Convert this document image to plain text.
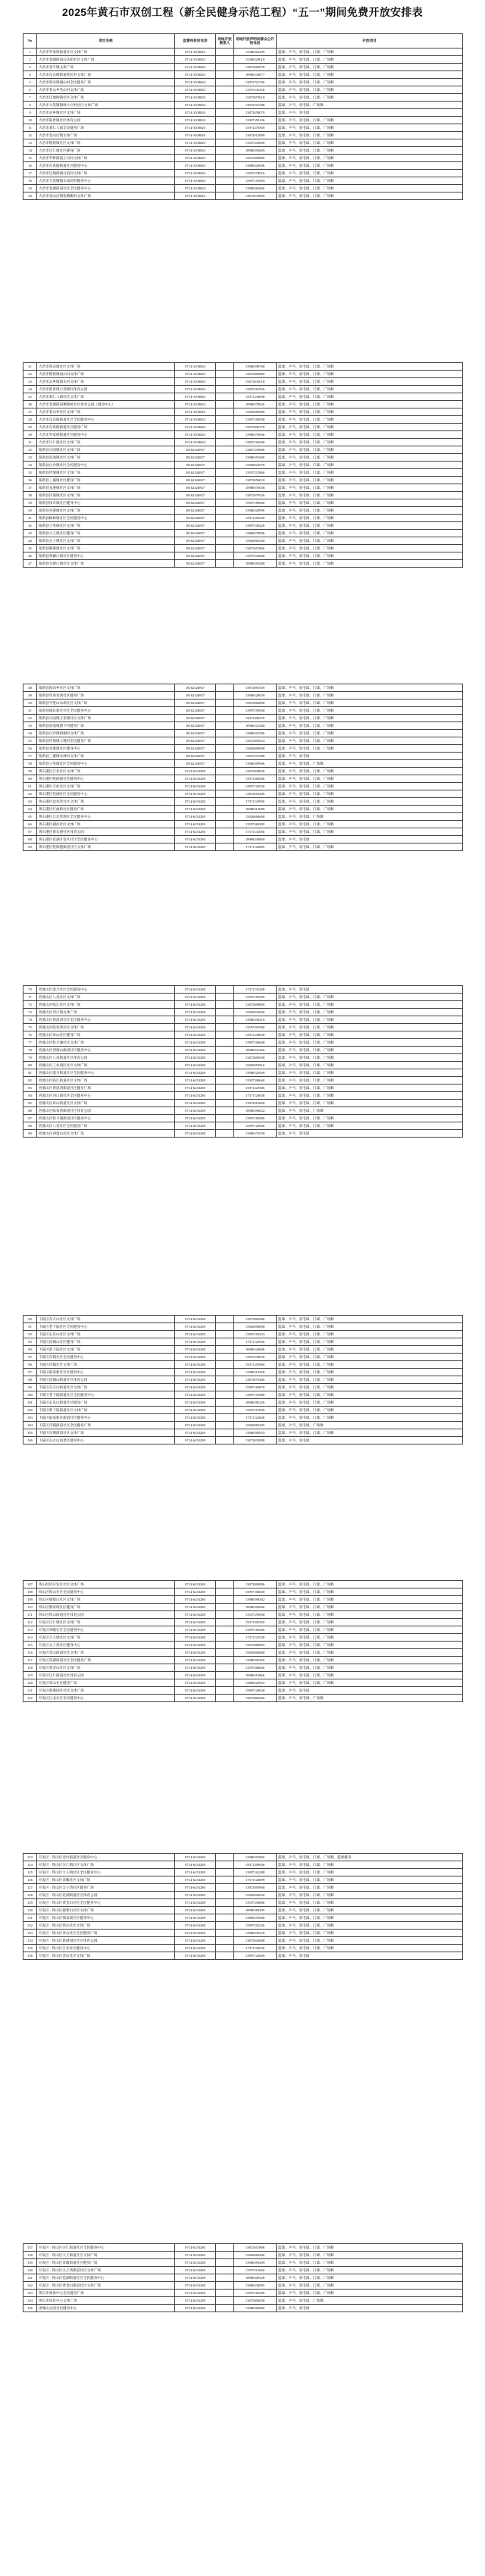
2025年黄石市双创工程（新全民健身示范工程）“五一”期间免费开放安排表
No	项目名称	监督和投诉电话	场地开放联系人	场地开放声明向群众公开的电话	开放项目
1	大冶市罗家桥街道社区文体广场	0714-3108020		15386502299	篮球、乒乓、羽毛球、门球、广场舞
2	大冶市金湖街道石头咀社区文体广场	0714-3108020		15386529018	篮球、乒乓、羽毛球、门球、广场舞
3	大冶市金牛镇文体广场	0714-3108020		13872669078	篮球、乒乓、羽毛球、门球、广场舞
4	大冶市东岳路街道新民村文体广场	0714-3108020		18986530077	篮球、乒乓、羽毛球、门球、广场舞
5	大冶市保安镇湖山村全民健身广场	0714-3108020		13872701706	篮球、乒乓、羽毛球、门球、广场舞
6	大冶市茗山乡茗山村文体广场	0714-3108020		13597232358	篮球、乒乓、羽毛球、门球、广场舞
7	大冶市还地桥镇社区文体广场	0714-3108020		15872079018	篮球、乒乓、羽毛球、门球、广场舞
8	大冶市大箕铺镇柯大兴村社区文体广场	0714-3108020		13872701388	篮球、乒乓、羽毛球、广场舞
9	大冶市灵乡镇社区文体广场	0714-3108020		13872058079	篮球、乒乓、羽毛球
10	大冶市陈贵镇社区体育公园	0714-3108020		13997258136	篮球、乒乓、羽毛球、门球、广场舞
11	大冶市刘仁八镇全民健身广场	0714-3108020		15971278569	篮球、乒乓、羽毛球、门球、广场舞
12	大冶市金山店镇文体广场	0714-3108020		13872013889	篮球、乒乓、羽毛球、门球、广场舞
13	大冶市殷祖镇社区文体广场	0714-3108020		13597245690	篮球、乒乓、羽毛球、门球、广场舞
14	大冶市汪仁镇社区健身广场	0714-3108020		18986595669	篮球、乒乓、羽毛球、门球、广场舞
15	大冶市罗桥街道上冯村文体广场	0714-3108020		15872009880	篮球、乒乓、羽毛球、门球、广场舞
16	大冶市东风路街道社区健身中心	0714-3108020		13886529006	篮球、乒乓、羽毛球、门球、广场舞
17	大冶市还地桥镇白浪村文体广场	0714-3108020		13597278016	篮球、乒乓、羽毛球、门球、广场舞
18	大冶市大箕铺镇水南湾村健身中心	0714-3108020		15997155003	篮球、乒乓、羽毛球、门球、广场舞
19	大冶市金湖街道社区全民健身中心	0714-3108020		13886565606	篮球、乒乓、羽毛球、门球、广场舞
20	大冶市金山店镇张敬畈村文体广场	0714-3108020		13872078069	篮球、乒乓、羽毛球、门球、广场舞
21	大冶市保安镇社区文体广场	0714-3108020		13986598768	篮球、乒乓、羽毛球、门球、广场舞
22	大冶市殷祖镇南山村文体广场	0714-3108020		13872065889	篮球、乒乓、羽毛球、门球、广场舞
23	大冶市灵乡镇坳头村文体广场	0714-3108020		15872032018	篮球、乒乓、羽毛球、门球、广场舞
24	大冶市陈贵镇小箕铺村体育公园	0714-3108020		13997261856	篮球、乒乓、羽毛球、门球、广场舞
25	大冶市刘仁八镇社区文体广场	0714-3108020		15071236698	篮球、乒乓、羽毛球、门球、广场舞
26	大冶市金湖街道栖儒桥社区体育公园（健身中心）	0714-3108020		18986578026	篮球、乒乓、羽毛球、门球、广场舞
27	大冶市茗山乡社区文体广场	0714-3108020		15826989968	篮球、乒乓、羽毛球、门球、广场舞
28	大冶市东岳路街道社区全民健身中心	0714-3108020		13997108598	篮球、乒乓、羽毛球、门球、广场舞
29	大冶市东风路街道社区健身广场	0714-3108020		15872006778	篮球、乒乓、羽毛球、门球、广场舞
30	大冶市罗家桥街道社区健身中心	0714-3108020		13986576066	篮球、乒乓、羽毛球、门球、广场舞
31	大冶市汪仁镇社区文体广场	0714-3108020		13997163098	篮球、乒乓、羽毛球、门球、广场舞
32	阳新县兴国镇社区文体广场	18162326837		13807235880	篮球、乒乓、羽毛球、门球、广场舞
33	阳新县富池镇社区文体广场	18162326837		13986551680	篮球、乒乓、羽毛球、门球、广场舞
34	阳新县白沙镇社区全民健身中心	18162326837		15826923078	篮球、乒乓、羽毛球、门球、广场舞
35	阳新县浮屠镇社区文体广场	18162326837		13597211866	篮球、乒乓、羽毛球、门球、广场舞
36	阳新县三溪镇社区健身广场	18162326837		13872056018	篮球、乒乓、羽毛球、门球、广场舞
37	阳新县龙港镇社区文体广场	18162326837		18986576038	篮球、乒乓、羽毛球、门球、广场舞
38	阳新县洋港镇社区文体广场	18162326837		13872079526	篮球、乒乓、羽毛球、门球、广场舞
39	阳新县排市镇社区健身中心	18162326837		15997189660	篮球、乒乓、羽毛球、门球、广场舞
40	阳新县木港镇社区文体广场	18162326837		13986528990	篮球、乒乓、羽毛球、门球、广场舞
41	阳新县枫林镇社区全民健身中心	18162326837		15971265028	篮球、乒乓、羽毛球、门球、广场舞
42	阳新县王英镇社区文体广场	18162326837		13997108226	篮球、乒乓、羽毛球、门球、广场舞
43	阳新县大王镇社区健身广场	18162326837		13886578006	篮球、乒乓、羽毛球、门球、广场舞
44	阳新县太子镇社区文体广场	18162326837		15826960328	篮球、乒乓、羽毛球、门球、广场舞
45	阳新县陶港镇社区文体广场	18162326837		13872051866	篮球、乒乓、羽毛球、门球、广场舞
46	阳新县黄颡口镇社区健身中心	18162326837		13597236608	篮球、乒乓、羽毛球、门球、广场舞
47	阳新县韦源口镇社区文体广场	18162326837		18986550288	篮球、乒乓、羽毛球、门球、广场舞
48	阳新县荻田乡社区文体广场	18162326837		13872081569	篮球、乒乓、羽毛球、门球、广场舞
49	阳新县军垦农场社区健身广场	18162326837		13986528039	篮球、乒乓、羽毛球、门球、广场舞
50	阳新县半壁山农场社区文体广场	18162326837		15872066898	篮球、乒乓、羽毛球、门球、广场舞
51	阳新县城东新区社区全民健身中心	18162326837		13997190568	篮球、乒乓、羽毛球、门球、广场舞
52	阳新县兴国镇五里湖社区文体广场	18162326837		15071206578	篮球、乒乓、羽毛球、门球、广场舞
53	阳新县富池镇港下村健身广场	18162326837		18986523368	篮球、乒乓、羽毛球、门球、广场舞
54	阳新县白沙镇梧桐村文体广场	18162326837		13886525296	篮球、乒乓、羽毛球、门球、广场舞
55	阳新县浮屠镇玉堍村全民健身广场	18162326837		13872095033	篮球、乒乓、羽毛球、门球、广场舞
56	阳新县龙港镇社区健身中心	18162326837		15826900698	篮球、乒乓、羽毛球、门球、广场舞
57	阳新县三溪镇木林村文体广场	18162326837		13597270388	篮球、乒乓、羽毛球
58	阳新县王英镇社区全民健身中心	18162326837		13986509966	篮球、乒乓、羽毛球、广场舞
59	黄石港区江北社区文体广场	0714-6233280		13872038658	篮球、乒乓、羽毛球、门球、广场舞
60	黄石港区胜阳港社区健身中心	0714-6233280		15971206566	篮球、乒乓、羽毛球、门球、广场舞
61	黄石港区天虹社区文体广场	0714-6233280		13997128530	篮球、乒乓、羽毛球、门球、广场舞
62	黄石港区花湖社区全民健身中心	0714-6233280		13872052206	篮球、乒乓、羽毛球、门球、广场舞
63	黄石港区沈家营社区文体广场	0714-6233280		17371129990	篮球、乒乓、羽毛球、门球、广场舞
64	黄石港区红旗桥社区健身广场	0714-6233280		18986512089	篮球、乒乓、羽毛球、门球、广场舞
65	黄石港区江北管理区全民健身中心	0714-6233280		15826968600	篮球、乒乓、羽毛球、广场舞
66	黄石港区湖滨社区文体广场	0714-6233280		13597260299	篮球、乒乓、羽毛球、门球、广场舞
67	黄石港区黄石港社区体育公园	0714-6233280		17371132066	篮球、乒乓、羽毛球、门球、广场舞
68	黄石港区花湖开发区社区全民健身中心	0714-6233280		18986538868	篮球、乒乓、羽毛球
69	黄石港区胜阳港街道社区文体广场	0714-6233280		17371120885	篮球、乒乓、羽毛球、门球、广场舞
70	西塞山区澄月社区全民健身中心	0714-6233280		17371133288	篮球、乒乓、羽毛球
71	西塞山区八泉社区文体广场	0714-6233280		15997185090	篮球、乒乓、羽毛球、门球、广场舞
72	西塞山区临江社区文体广场	0714-6233280		13872098869	篮球、乒乓、羽毛球、门球、广场舞
73	西塞山区河口镇文体广场	0714-6233280		15826922060	篮球、乒乓、羽毛球、门球、广场舞
74	西塞山区黄思湾社区全民健身中心	0714-6233280		13986538218	篮球、乒乓、羽毛球、门球、广场舞
75	西塞山区陈家湾社区文体广场	0714-6233280		13597205580	篮球、乒乓、羽毛球、门球、广场舞
76	西塞山区章山社区健身广场	0714-6233280		15071236028	篮球、乒乓、羽毛球、门球、广场舞
77	西塞山区牧羊湖社区文体广场	0714-6233280		13997106688	篮球、乒乓、羽毛球、门球、广场舞
78	西塞山区西塞山街道社区健身中心	0714-6233280		18986532266	篮球、乒乓、羽毛球、门球、广场舞
79	西塞山区八泉街道社区体育公园	0714-6233280		13872069038	篮球、乒乓、羽毛球、门球、广场舞
80	西塞山区工业园区社区文体广场	0714-6233280		15826955816	篮球、乒乓、羽毛球、门球、广场舞
81	西塞山区澄月街道社区全民健身中心	0714-6233280		13986525009	篮球、乒乓、羽毛球、门球、广场舞
82	西塞山区临江街道社区文体广场	0714-6233280		13597290668	篮球、乒乓、羽毛球、门球、广场舞
83	西塞山区黄思湾街道社区健身广场	0714-6233280		15071229386	篮球、乒乓、羽毛球、门球、广场舞
84	西塞山区河口镇社区全民健身中心	0714-6233280		17371128058	篮球、乒乓、羽毛球、门球、广场舞
85	西塞山区章山街道社区文体广场	0714-6233280		13872016828	篮球、乒乓、羽毛球、门球、广场舞
86	西塞山区陈家湾街道社区体育公园	0714-6233280		18986596022	篮球、乒乓、羽毛球、广场舞
87	西塞山区牧羊湖街道社区健身中心	0714-6233280		13997182689	篮球、乒乓、羽毛球、门球、广场舞
88	西塞山区八泉社区全民健身广场	0714-6233280		15997120066	篮球、乒乓、羽毛球、门球、广场舞
89	西塞山区西塞山社区文体广场	0714-6233280		13986570338	篮球、乒乓、羽毛球
90	下陆区东方山社区文体广场	0714-6233280		13872062886	篮球、乒乓、羽毛球、门球、广场舞
91	下陆区老下陆社区全民健身中心	0714-6233280		15826958008	篮球、乒乓、羽毛球、门球、广场舞
92	下陆区长乐山社区文体广场	0714-6233280		13997106233	篮球、乒乓、羽毛球、门球、广场舞
93	下陆区团城山社区健身广场	0714-6233280		17371120566	篮球、乒乓、羽毛球、门球、广场舞
94	下陆区新下陆社区文体广场	0714-6233280		18986526806	篮球、乒乓、羽毛球、门球、广场舞
95	下陆区东钢社区全民健身中心	0714-6233280		13597238930	篮球、乒乓、羽毛球、门球、广场舞
96	下陆区肖铺社区文体广场	0714-6233280		15071255869	篮球、乒乓、羽毛球、门球、广场舞
97	下陆区陆家新区社区健身中心	0714-6233280		13986519358	篮球、乒乓、羽毛球、门球、广场舞
98	下陆区团城山街道社区体育公园	0714-6233280		13872079266	篮球、乒乓、羽毛球、门球、广场舞
99	下陆区东方山街道社区文体广场	0714-6233280		15997160878	篮球、乒乓、羽毛球、门球、广场舞
100	下陆区老下陆街道社区全民健身中心	0714-6233280		13997155088	篮球、乒乓、羽毛球、门球、广场舞
101	下陆区长乐山街道社区健身广场	0714-6233280		18986585226	篮球、乒乓、羽毛球、门球、广场舞
102	下陆区新下陆街道社区文体广场	0714-6233280		13597216999	篮球、乒乓、羽毛球、门球、广场舞
103	下陆区陆家新区街道社区健身中心	0714-6233280		17371122608	篮球、乒乓、羽毛球、门球、广场舞
104	下陆区肖铺街道社区全民健身广场	0714-6233280		15826982205	篮球、乒乓、羽毛球、广场舞
105	下陆区东钢街道社区文体广场	0714-6233280		13886585033	篮球、乒乓、羽毛球、门球、广场舞
106	下陆区东方山风景区健身中心	0714-6233280		13872035808	篮球、乒乓、羽毛球
107	黄石经济开发区社区文体广场	0714-6233280		13872090886	篮球、乒乓、羽毛球、门球、广场舞
108	铁山区铁山社区全民健身中心	0714-6233280		15997106058	篮球、乒乓、羽毛球、门球、广场舞
109	铁山区鹿獐山社区文体广场	0714-6233280		13986598302	篮球、乒乓、羽毛球、门球、广场舞
110	铁山区熊家境社区健身广场	0714-6233280		18986502066	篮球、乒乓、羽毛球、门球、广场舞
111	铁山区铁山街道社区体育公园	0714-6233280		13597259838	篮球、乒乓、羽毛球、门球、广场舞
112	开发区汪仁镇社区文体广场	0714-6233280		15071205369	篮球、乒乓、羽毛球、门球、广场舞
113	开发区章畈社区全民健身中心	0714-6233280		13997182066	篮球、乒乓、羽毛球、门球、广场舞
114	开发区大王镇社区文体广场	0714-6233280		17371125558	篮球、乒乓、羽毛球、门球、广场舞
115	开发区太子湾社区健身中心	0714-6233280		13872068895	篮球、乒乓、羽毛球、门球、广场舞
116	开发区金山街道社区文体广场	0714-6233280		15826968868	篮球、乒乓、羽毛球、门球、广场舞
117	开发区花湖街道社区全民健身广场	0714-6233280		13986503226	篮球、乒乓、羽毛球、门球、广场舞
118	开发区黄金山社区文体广场	0714-6233280		13597268060	篮球、乒乓、羽毛球、门球、广场舞
119	开发区汪仁街道社区体育公园	0714-6233280		18986510866	篮球、乒乓、羽毛球、门球、广场舞
120	开发区章山社区健身广场	0714-6233280		13886529955	篮球、乒乓、羽毛球、门球、广场舞
121	开发区新港园区社区文体广场	0714-6233280		15997129038	篮球、乒乓、羽毛球
122	开发区江北社区全民健身中心	0714-6233280		13872002566	篮球、乒乓、羽毛球、广场舞
123	开发区 · 铁山区金山街道社区健身中心	0714-6233280		13986552860	篮球、乒乓、羽毛球、门球、广场舞、篮球健身
124	开发区 · 铁山区汪仁镇社区文体广场	0714-6233280		15071209836	篮球、乒乓、羽毛球、门球、广场舞
125	开发区 · 铁山区大王镇社区全民健身中心	0714-6233280		13997162288	篮球、乒乓、羽毛球、门球、广场舞
126	开发区 · 铁山区章畈社区文体广场	0714-6233280		17371126099	篮球、乒乓、羽毛球、门球、广场舞
127	开发区 · 铁山区太子湾社区健身广场	0714-6233280		13872059968	篮球、乒乓、羽毛球、门球、广场舞
128	开发区 · 铁山区花湖街道社区体育公园	0714-6233280		15826920630	篮球、乒乓、羽毛球、门球、广场舞
129	开发区 · 铁山区黄金山社区全民健身中心	0714-6233280		13597230886	篮球、乒乓、羽毛球、门球、广场舞
130	开发区 · 铁山区鹿獐山社区文体广场	0714-6233280		18986568299	篮球、乒乓、羽毛球、门球、广场舞
131	开发区 · 铁山区熊家境社区健身中心	0714-6233280		13886555068	篮球、乒乓、羽毛球、门球、广场舞
132	开发区 · 铁山区铁山社区文体广场	0714-6233280		15997102236	篮球、乒乓、羽毛球、门球、广场舞
133	开发区 · 铁山区章山社区全民健身广场	0714-6233280		13986530528	篮球、乒乓、羽毛球、门球、广场舞
134	开发区 · 铁山区新港园区社区体育公园	0714-6233280		13872026698	篮球、乒乓、羽毛球、门球、广场舞
135	开发区 · 铁山区江北社区健身中心	0714-6233280		17371129036	篮球、乒乓、羽毛球、门球、广场舞
136	开发区 · 铁山区金山社区文体广场	0714-6233280		13997126069	篮球、乒乓、羽毛球
137	开发区 · 铁山区汪仁街道社区全民健身中心	0714-6233280		13872015886	篮球、乒乓、羽毛球、门球、广场舞
138	开发区 · 铁山区大王街道社区文体广场	0714-6233280		15826960206	篮球、乒乓、羽毛球、门球、广场舞
139	开发区 · 铁山区章畈街道社区健身广场	0714-6233280		13986590299	篮球、乒乓、羽毛球、门球、广场舞
140	开发区 · 铁山区太子湾街道社区文体广场	0714-6233280		13597215669	篮球、乒乓、羽毛球、门球、广场舞
141	开发区 · 铁山区花湖街道社区全民健身中心	0714-6233280		18986509328	篮球、乒乓、羽毛球、门球、广场舞
142	开发区 · 铁山区黄金山街道社区文体广场	0714-6233280		13886536085	篮球、乒乓、羽毛球、门球、广场舞
143	黄石市奥体中心全民健身广场	0714-6233280		15997166309	篮球、乒乓、羽毛球、门球、广场舞
144	黄石市体育中心文体广场	0714-6233280		13872006058	篮球、乒乓、羽毛球、广场舞
145	团城山公园全民健身中心	0714-6233280		13986569886	篮球、乒乓、羽毛球
